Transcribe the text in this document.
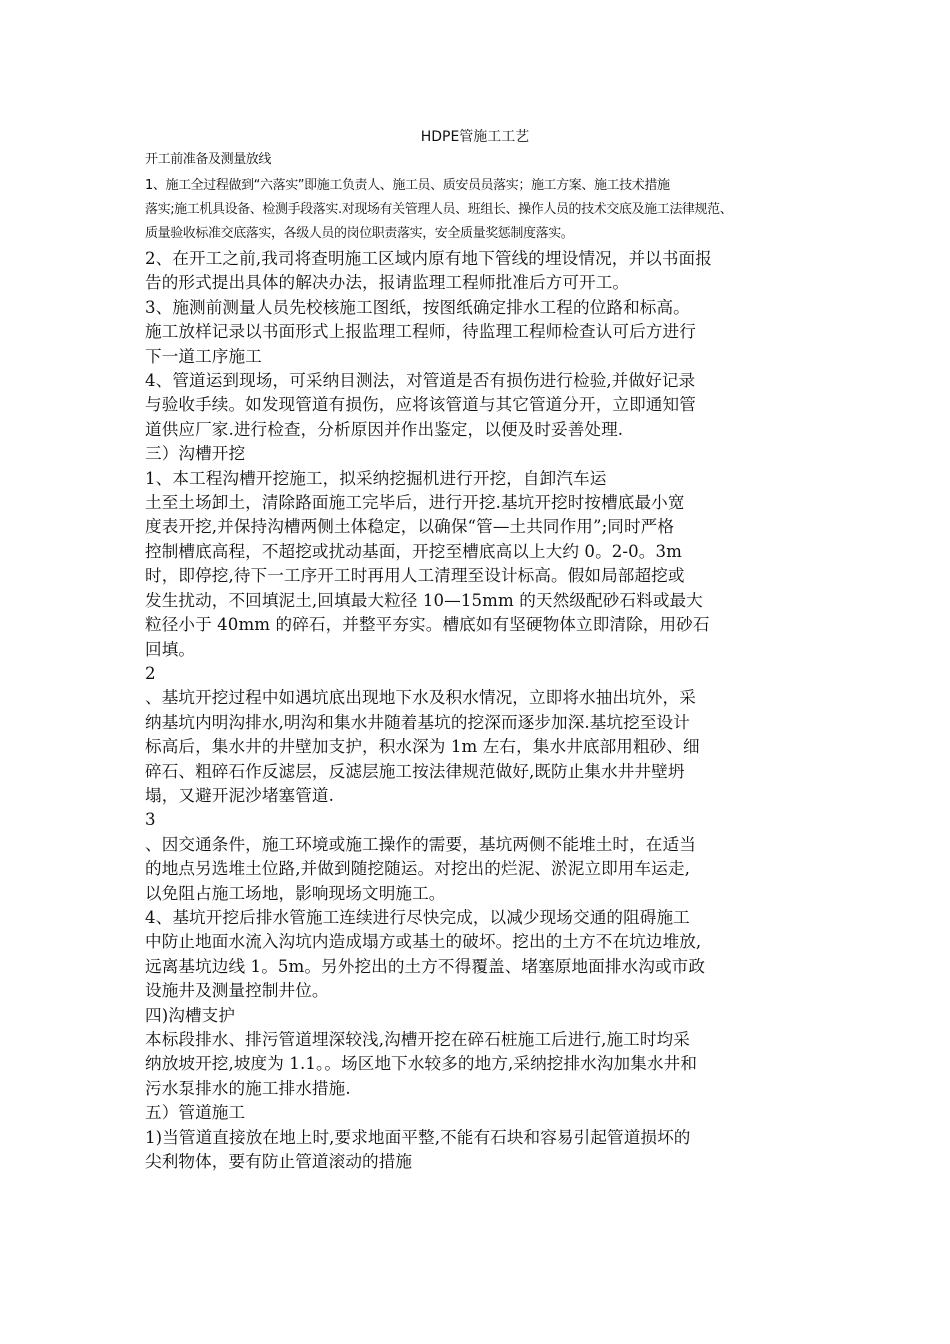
HDPE管施工工艺
开工前准备及测量放线
1、施工全过程做到“六落实”即施工负责人、施工员、质安员员落实；施工方案、施工技术措施
落实;施工机具设备、检测手段落实.对现场有关管理人员、班组长、操作人员的技术交底及施工法律规范、
质量验收标准交底落实，各级人员的岗位职责落实，安全质量奖惩制度落实。
2、在开工之前,我司将查明施工区域内原有地下管线的埋设情况，并以书面报
告的形式提出具体的解决办法，报请监理工程师批准后方可开工。
3、施测前测量人员先校核施工图纸，按图纸确定排水工程的位路和标高。
施工放样记录以书面形式上报监理工程师，待监理工程师检查认可后方进行
下一道工序施工
4、管道运到现场，可采纳目测法，对管道是否有损伤进行检验,并做好记录
与验收手续。如发现管道有损伤，应将该管道与其它管道分开，立即通知管
道供应厂家.进行检查，分析原因并作出鉴定，以便及时妥善处理.
三）沟槽开挖
1、本工程沟槽开挖施工，拟采纳挖掘机进行开挖，自卸汽车运
土至土场卸土，清除路面施工完毕后，进行开挖.基坑开挖时按槽底最小宽
度表开挖,并保持沟槽两侧土体稳定，以确保“管—土共同作用”;同时严格
控制槽底高程，不超挖或扰动基面，开挖至槽底高以上大约 0。2-0。3m
时，即停挖,待下一工序开工时再用人工清理至设计标高。假如局部超挖或
发生扰动，不回填泥土,回填最大粒径 10—15mm 的天然级配砂石料或最大
粒径小于 40mm 的碎石，并整平夯实。槽底如有坚硬物体立即清除，用砂石
回填。
2
、基坑开挖过程中如遇坑底出现地下水及积水情况，立即将水抽出坑外，采
纳基坑内明沟排水,明沟和集水井随着基坑的挖深而逐步加深.基坑挖至设计
标高后，集水井的井壁加支护，积水深为 1m 左右，集水井底部用粗砂、细
碎石、粗碎石作反滤层，反滤层施工按法律规范做好,既防止集水井井壁坍
塌，又避开泥沙堵塞管道.
3
、因交通条件，施工环境或施工操作的需要，基坑两侧不能堆土时，在适当
的地点另选堆土位路,并做到随挖随运。对挖出的烂泥、淤泥立即用车运走,
以免阻占施工场地，影响现场文明施工。
4、基坑开挖后排水管施工连续进行尽快完成，以减少现场交通的阻碍施工
中防止地面水流入沟坑内造成塌方或基土的破坏。挖出的土方不在坑边堆放,
远离基坑边线 1。5m。另外挖出的土方不得覆盖、堵塞原地面排水沟或市政
设施井及测量控制井位。
四)沟槽支护
本标段排水、排污管道埋深较浅,沟槽开挖在碎石桩施工后进行,施工时均采
纳放坡开挖,坡度为 1.1。。场区地下水较多的地方,采纳挖排水沟加集水井和
污水泵排水的施工排水措施.
五）管道施工
1)当管道直接放在地上时,要求地面平整,不能有石块和容易引起管道损坏的
尖利物体，要有防止管道滚动的措施
